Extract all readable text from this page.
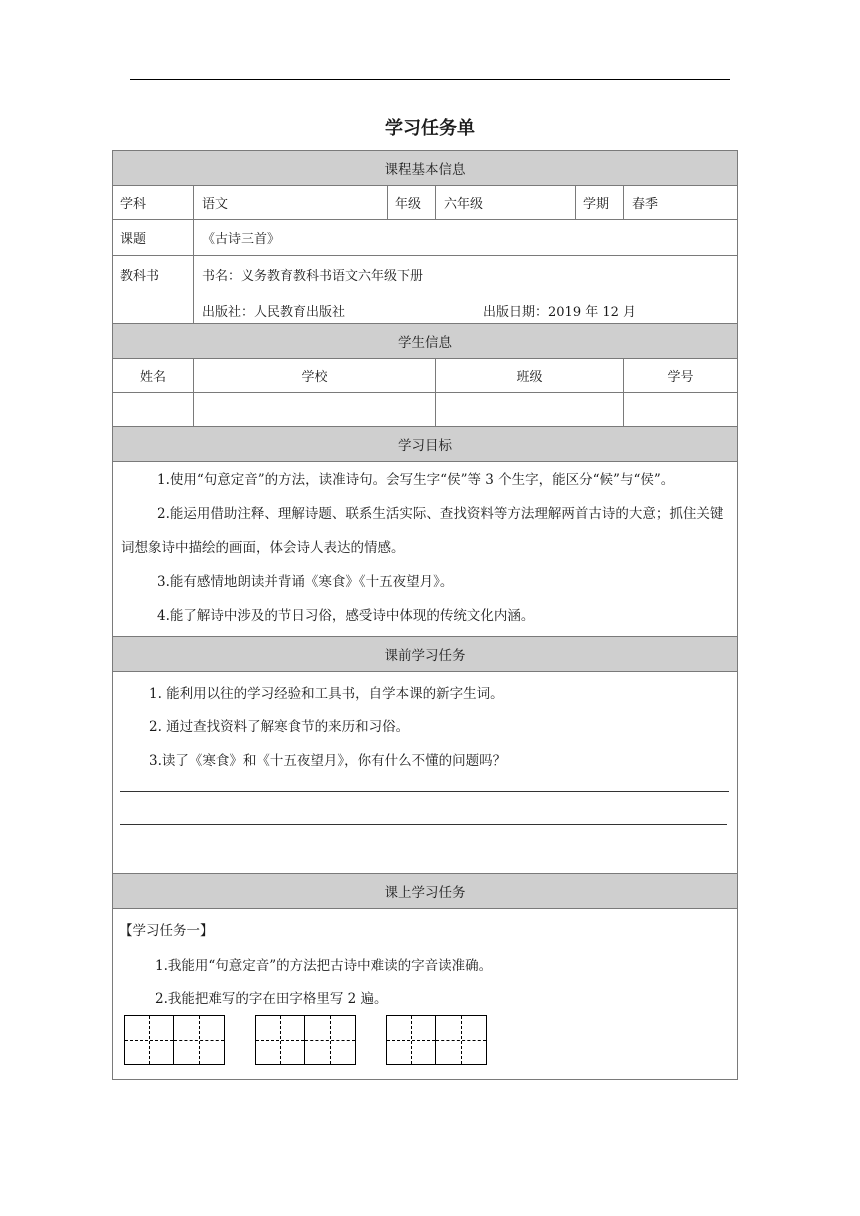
学习任务单
课程基本信息					
学科	语文	年级	六年级	学期	春季
课题	《古诗三首》				

教科书	书名：义务教育教科书语文六年级下册
出版社：人民教育出版社 出版日期：2019 年 12 月				

学生信息					
姓名	学校		班级		学号

学习目标					

1.使用“句意定音”的方法，读准诗句。会写生字“侯”等 3 个生字，能区分“候”与“侯”。

2.能运用借助注释、理解诗题、联系生活实际、查找资料等方法理解两首古诗的大意；抓住关键词想象诗中描绘的画面，体会诗人表达的情感。

3.能有感情地朗读并背诵《寒食》《十五夜望月》。

4.能了解诗中涉及的节日习俗，感受诗中体现的传统文化内涵。					

课前学习任务					

1. 能利用以往的学习经验和工具书，自学本课的新字生词。
2. 通过查找资料了解寒食节的来历和习俗。
3.读了《寒食》和《十五夜望月》，你有什么不懂的问题吗？					

课上学习任务					

【学习任务一】
1.我能用“句意定音”的方法把古诗中难读的字音读准确。
2.我能把难写的字在田字格里写 2 遍。					
